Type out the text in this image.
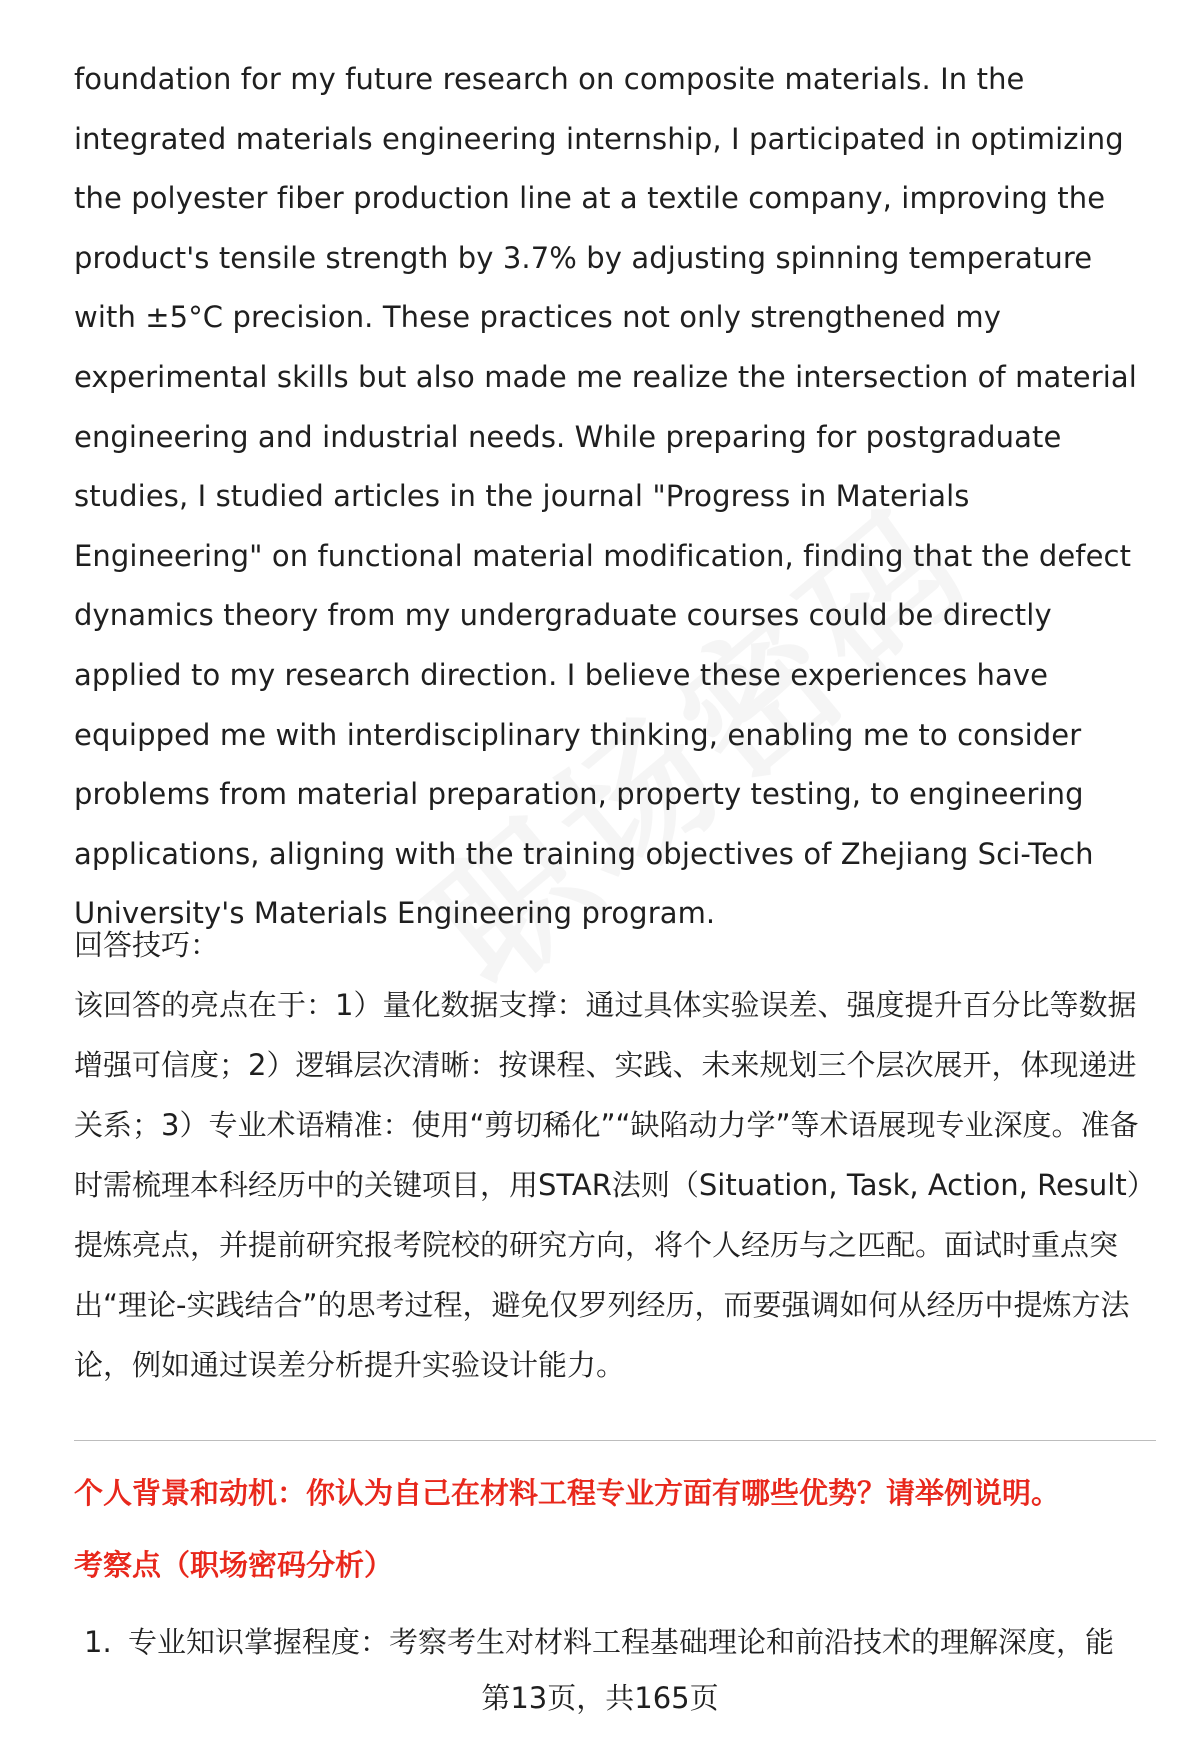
foundation for my future research on composite materials. In the integrated materials engineering internship, I participated in optimizing the polyester fiber production line at a textile company, improving the product's tensile strength by 3.7% by adjusting spinning temperature with ±5°C precision. These practices not only strengthened my experimental skills but also made me realize the intersection of material engineering and industrial needs. While preparing for postgraduate studies, I studied articles in the journal "Progress in Materials Engineering" on functional material modification, finding that the defect dynamics theory from my undergraduate courses could be directly applied to my research direction. I believe these experiences have equipped me with interdisciplinary thinking, enabling me to consider problems from material preparation, property testing, to engineering applications, aligning with the training objectives of Zhejiang Sci-Tech University's Materials Engineering program.

回答技巧：

该回答的亮点在于：1）量化数据支撑：通过具体实验误差、强度提升百分比等数据增强可信度；2）逻辑层次清晰：按课程、实践、未来规划三个层次展开，体现递进关系；3）专业术语精准：使用“剪切稀化”“缺陷动力学”等术语展现专业深度。准备时需梳理本科经历中的关键项目，用STAR法则（Situation, Task, Action, Result）提炼亮点，并提前研究报考院校的研究方向，将个人经历与之匹配。面试时重点突出“理论-实践结合”的思考过程，避免仅罗列经历，而要强调如何从经历中提炼方法论，例如通过误差分析提升实验设计能力。

个人背景和动机：你认为自己在材料工程专业方面有哪些优势？请举例说明。
考察点（职场密码分析）
1. 专业知识掌握程度：考察考生对材料工程基础理论和前沿技术的理解深度，能
第13页，共165页
